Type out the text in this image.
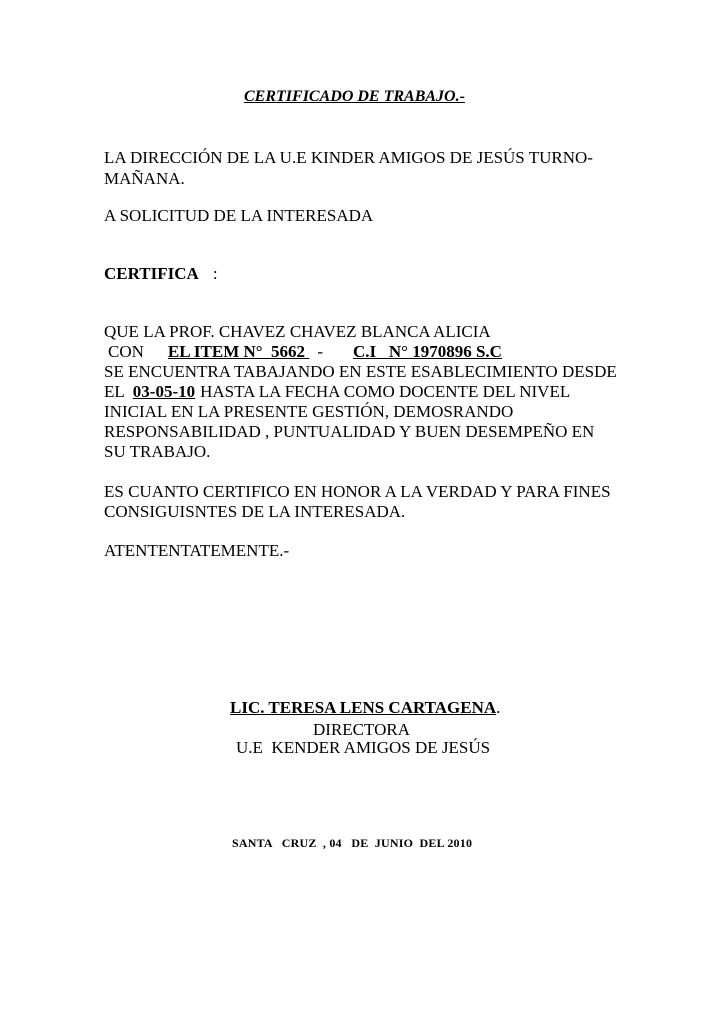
CERTIFICADO DE TRABAJO.-
LA DIRECCIÓN DE LA U.E KINDER AMIGOS DE JESÚS TURNO-
MAÑANA.
A SOLICITUD DE LA INTERESADA
CERTIFICA :
QUE LA PROF. CHAVEZ CHAVEZ BLANCA ALICIA
CON EL ITEM N°  5662 - C.I   N° 1970896 S.C
SE ENCUENTRA TABAJANDO EN ESTE ESABLECIMIENTO DESDE
EL 03-05-10 HASTA LA FECHA COMO DOCENTE DEL NIVEL
INICIAL EN LA PRESENTE GESTIÓN, DEMOSRANDO
RESPONSABILIDAD , PUNTUALIDAD Y BUEN DESEMPEÑO EN
SU TRABAJO.
ES CUANTO CERTIFICO EN HONOR A LA VERDAD Y PARA FINES
CONSIGUISNTES DE LA INTERESADA.
ATENTENTATEMENTE.-
LIC. TERESA LENS CARTAGENA.
DIRECTORA
U.E  KENDER AMIGOS DE JESÚS
SANTA   CRUZ  , 04   DE  JUNIO  DEL 2010
